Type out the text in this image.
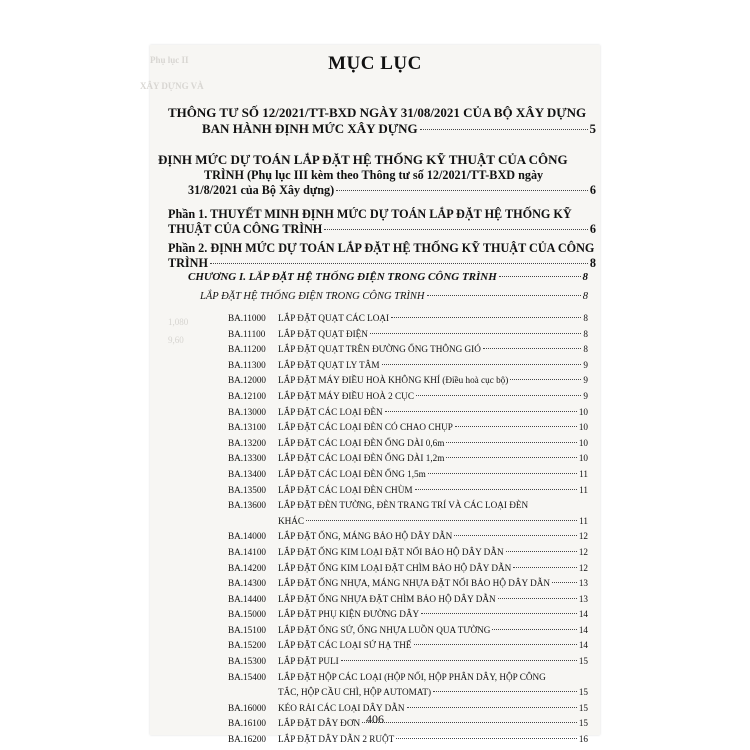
Phụ lục II
XÂY DỰNG VÀ
1,080
9,60
MỤC LỤC
THÔNG TƯ SỐ 12/2021/TT-BXD NGÀY 31/08/2021 CỦA BỘ XÂY DỰNG
BAN HÀNH ĐỊNH MỨC XÂY DỰNG	5
ĐỊNH MỨC DỰ TOÁN LẮP ĐẶT HỆ THỐNG KỸ THUẬT CỦA CÔNG
TRÌNH (Phụ lục III kèm theo Thông tư số 12/2021/TT-BXD ngày
31/8/2021 của Bộ Xây dựng)	6
Phần 1. THUYẾT MINH ĐỊNH MỨC DỰ TOÁN LẮP ĐẶT HỆ THỐNG KỸ
THUẬT CỦA CÔNG TRÌNH	6
Phần 2. ĐỊNH MỨC DỰ TOÁN LẮP ĐẶT HỆ THỐNG KỸ THUẬT CỦA CÔNG
TRÌNH	8
CHƯƠNG I. LẮP ĐẶT HỆ THỐNG ĐIỆN TRONG CÔNG TRÌNH	8
LẮP ĐẶT HỆ THỐNG ĐIỆN TRONG CÔNG TRÌNH	8
BA.11000	LẮP ĐẶT QUẠT CÁC LOẠI	8
BA.11100	LẮP ĐẶT QUẠT ĐIỆN	8
BA.11200	LẮP ĐẶT QUẠT TRÊN ĐƯỜNG ỐNG THÔNG GIÓ	8
BA.11300	LẮP ĐẶT QUẠT LY TÂM	9
BA.12000	LẮP ĐẶT MÁY ĐIỀU HOÀ KHÔNG KHÍ (Điều hoà cục bộ)	9
BA.12100	LẮP ĐẶT MÁY ĐIỀU HOÀ 2 CỤC	9
BA.13000	LẮP ĐẶT CÁC LOẠI ĐÈN	10
BA.13100	LẮP ĐẶT CÁC LOẠI ĐÈN CÓ CHAO CHỤP	10
BA.13200	LẮP ĐẶT CÁC LOẠI ĐÈN ỐNG DÀI 0,6m	10
BA.13300	LẮP ĐẶT CÁC LOẠI ĐÈN ỐNG DÀI 1,2m	10
BA.13400	LẮP ĐẶT CÁC LOẠI ĐÈN ỐNG 1,5m	11
BA.13500	LẮP ĐẶT CÁC LOẠI ĐÈN CHÙM	11
BA.13600	LẮP ĐẶT ĐÈN TƯỜNG, ĐÈN TRANG TRÍ VÀ CÁC LOẠI ĐÈN
KHÁC	11
BA.14000	LẮP ĐẶT ỐNG, MÁNG BẢO HỘ DÂY DẪN	12
BA.14100	LẮP ĐẶT ỐNG KIM LOẠI ĐẶT NỔI BẢO HỘ DÂY DẪN	12
BA.14200	LẮP ĐẶT ỐNG KIM LOẠI ĐẶT CHÌM BẢO HỘ DÂY DẪN	12
BA.14300	LẮP ĐẶT ỐNG NHỰA, MÁNG NHỰA ĐẶT NỔI BẢO HỘ DÂY DẪN	13
BA.14400	LẮP ĐẶT ỐNG NHỰA ĐẶT CHÌM BẢO HỘ DÂY DẪN	13
BA.15000	LẮP ĐẶT PHỤ KIỆN ĐƯỜNG DÂY	14
BA.15100	LẮP ĐẶT ỐNG SỨ, ỐNG NHỰA LUỒN QUA TƯỜNG	14
BA.15200	LẮP ĐẶT CÁC LOẠI SỨ HẠ THẾ	14
BA.15300	LẮP ĐẶT PULI	15
BA.15400	LẮP ĐẶT HỘP CÁC LOẠI (HỘP NỐI, HỘP PHÂN DÂY, HỘP CÔNG
TẮC, HỘP CẦU CHÌ, HỘP AUTOMAT)	15
BA.16000	KÉO RẢI CÁC LOẠI DÂY DẪN	15
BA.16100	LẮP ĐẶT DÂY ĐƠN	15
BA.16200	LẮP ĐẶT DÂY DẪN 2 RUỘT	16
406
